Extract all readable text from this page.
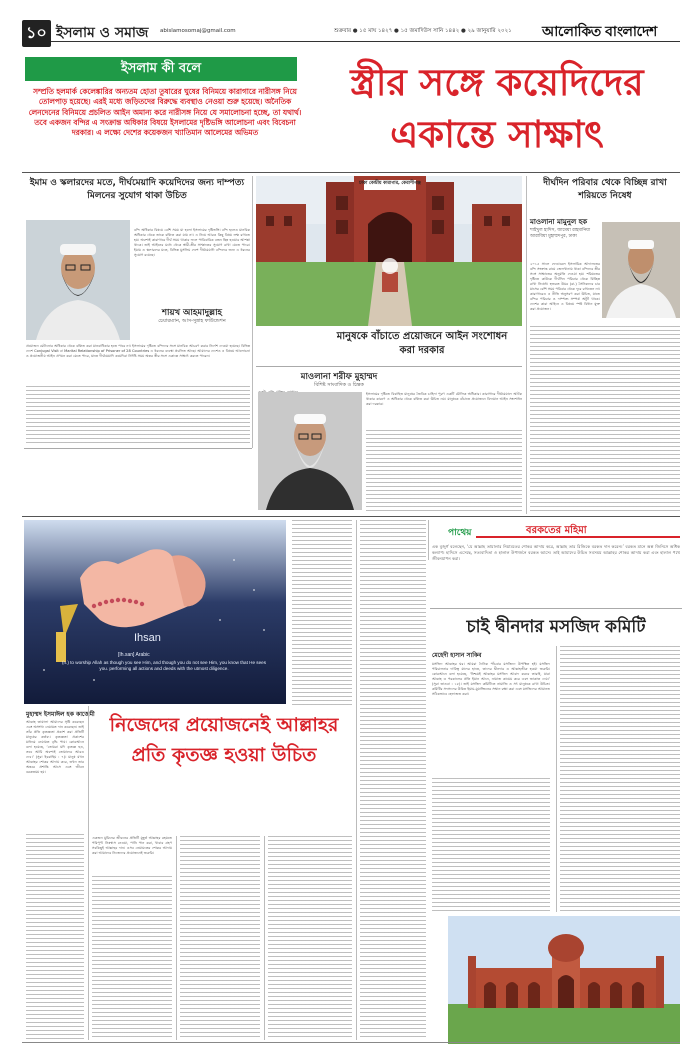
১০ ইসলাম ও সমাজ abislamosomaj@gmail.com	শুক্রবার ● ১৫ মাঘ ১৪২৭ ● ১৫ জমাদিউস সানি ১৪৪২ ● ২৯ জানুয়ারি ২০২১ আলোকিত বাংলাদেশ
ইসলাম কী বলে
সম্প্রতি হলমার্ক কেলেঙ্কারির অন্যতম হোতা তুষারের ঘুষের বিনিময়ে কারাগারে নারীসঙ্গ নিয়ে তোলপাড় হয়েছে। এরই মধ্যে জড়িতদের বিরুদ্ধে ব্যবস্থাও নেওয়া শুরু হয়েছে। অনৈতিক লেনদেনের বিনিময়ে প্রচলিত আইন অমান্য করে নারীসঙ্গ নিয়ে যে সমালোচনা হচ্ছে, তা যথার্থ। তবে একজন বন্দির এ সংক্রান্ত অধিকার বিষয়ে ইসলামের দৃষ্টিভঙ্গি আলোচনা এবং বিবেচনা দরকার। এ লক্ষ্যে দেশের কয়েকজন খ্যাতিমান আলেমের অভিমত
স্ত্রীর সঙ্গে কয়েদিদের একান্তে সাক্ষাৎ
ইমাম ও স্কলারদের মতে, দীর্ঘমেয়াদি কয়েদিদের জন্য দাম্পত্য মিলনের সুযোগ থাকা উচিত
শায়খ আহমাদুল্লাহ
চেয়ারম্যান, আস-সুন্নাহ ফাউন্ডেশন
বন্দি অধিকার বিষয়ে বেশি সময় যা হলো ইসলামের দৃষ্টিভঙ্গি। বন্দি হলেও মানবিক অধিকার থেকে তাকে বঞ্চিত করা যায় না। এ নিয়ে আরও কিছু বিষয় লক্ষ রাখতে হয়। অবশ্যই কারাগারে দীর্ঘ সময় থাকার ফলে পারিবারিক বন্ধন ছিন্ন হওয়ার আশঙ্কা থাকে। তাই আইনের মধ্যে থেকে স্বামী-স্ত্রীর সাক্ষাতের সুযোগ রাখা যেতে পারে। ইমাম ও স্কলারদের মতে, বিভিন্ন মুসলিম দেশে দীর্ঘমেয়াদি বন্দিদের জন্য এ ধরনের সুযোগ রয়েছে।
প্রয়োজন মেটানোর অধিকার থেকে বঞ্চিত করা মানবাধিকার হতে পারে না। ইসলামের দৃষ্টিতে বন্দিদের সঙ্গে মানবিক আচরণ করার নির্দেশ দেওয়া হয়েছে। বিভিন্ন দেশে Conjugal Visit বা Marital Relationship of Prisoner of 28 Countries এ ধরনের ব্যবস্থা প্রচলিত আছে। আমাদের দেশেও এ বিষয়ে আলোচনা ও প্রয়োজনীয় আইন প্রণয়ন করা যেতে পারে, যাতে দীর্ঘমেয়াদি কয়েদিরা নির্দিষ্ট সময় অন্তর স্ত্রীর সঙ্গে একান্তে সাক্ষাৎ করতে পারেন।
ঢাকা কেন্দ্রীয় কারাগার, কেরাণীগঞ্জ
মানুষকে বাঁচাতে প্রয়োজনে আইন সংশোধন করা দরকার
মাওলানা শরীফ মুহাম্মদ
বিশিষ্ট সাংবাদিক ও চিন্তক
ইসলামের দৃষ্টিতে বিবাহিত মানুষের জৈবিক চাহিদা পূরণ একটি মৌলিক অধিকার। কারাগারে দীর্ঘমেয়াদে আটক থাকার কারণে এ অধিকার থেকে বঞ্চিত করা উচিত নয়। মানুষকে বাঁচাতে প্রয়োজনে বিদ্যমান আইন সংশোধন করা দরকার।
দীর্ঘদিন পরিবার থেকে বিচ্ছিন্ন রাখা শরিয়তে নিষেধ
মাওলানা মামুনুল হক
শাইখুল হাদিস, জামেয়া রাহমানিয়া আরাবিয়া মুহাম্মদপুর, ঢাকা
২০১৫ সালে ফেডারেল ইসলামিক আদালতের বন্দি সংক্রান্ত রায়ে জেলখানায় থাকা বন্দিদের স্ত্রীর সঙ্গে সাক্ষাতের অনুমতি দেওয়া হয়। শরিয়তের দৃষ্টিতে কাউকে দীর্ঘদিন পরিবার থেকে বিচ্ছিন্ন রাখা নিষেধ। হজরত উমর (রা.) সৈনিকদের চার মাসের বেশি সময় পরিবার থেকে দূরে রাখতেন না। কারাগারেও এ নীতি অনুসরণ করা উচিত, যাতে বন্দির পরিবার ও দাম্পত্য সম্পর্ক অটুট থাকে। দেশের কারা আইনে এ বিষয়ে স্পষ্ট বিধান যুক্ত করা প্রয়োজন।
Ihsan
[Ih.san] Arabic
(n.) to worship Allah as though you see Him, and though you do not see Him, you know that He sees you. performing all actions and deeds with the utmost diligence.
মুহাম্মদ ইসমাঈল হক কাজেমী
আল্লাহ তায়ালা আমাদের সৃষ্টি করেছেন এবং অসংখ্য নেয়ামত দান করেছেন। তাই তাঁর প্রতি কৃতজ্ঞতা প্রকাশ করা প্রতিটি মানুষের কর্তব্য। কৃতজ্ঞতা প্রকাশের মাধ্যমে নেয়ামত বৃদ্ধি পায়। কোরআনে বলা হয়েছে, ‘তোমরা যদি কৃতজ্ঞ হও, তবে আমি অবশ্যই তোমাদের আরও দেব।’ (সুরা ইবরাহিম : ৭)। মানুষ যখন আল্লাহর শোকর আদায় করে, তখন তার অন্তরে প্রশান্তি আসে এবং জীবন বরকতময় হয়।
নিজেদের প্রয়োজনেই আল্লাহর প্রতি কৃতজ্ঞ হওয়া উচিত
একজন মুমিনের জীবনের প্রতিটি মুহূর্ত আল্লাহর রহমতে পরিপূর্ণ। নিঃশ্বাস নেওয়া, পানি পান করা, খাবার গ্রহণ সবকিছুই আল্লাহর দান। এসব নেয়ামতের শোকর আদায় করা আমাদের নিজেদের প্রয়োজনেই জরুরি।
পাথেয়	বরকতের মহিমা
এক বুজুর্গ বলেছেন, ‘যে আল্লাহ তায়ালার নিয়ামতের শোকর আদায় করে, আল্লাহ তার রিজিকে বরকত দান করেন।’ বরকত মানে অল্প জিনিসে অধিক কল্যাণ। হাদিসে এসেছে, সত্যবাদিতা ও হালাল উপার্জনে বরকত আসে। তাই আমাদের উচিত সবসময় আল্লাহর শোকর আদায় করা এবং হালাল পথে জীবনযাপন করা।
চাই দ্বীনদার মসজিদ কমিটি
মেহেদী হাসান সাকিব
মসজিদ আল্লাহর ঘর। আমরা দৈনিক পাঁচবার মসজিদে উপস্থিত হই। মসজিদ পরিচালনার দায়িত্ব যাদের হাতে, তাদের দ্বীনদার ও আল্লাহভীরু হওয়া জরুরি। কোরআনে বলা হয়েছে, ‘নিশ্চয়ই আল্লাহর মসজিদ আবাদ করবে তারাই, যারা আল্লাহ ও পরকালের প্রতি ইমান আনে, নামাজ কায়েম করে এবং জাকাত দেয়।’ (সুরা তাওবা : ১৮)। তাই মসজিদ কমিটিতে নামাজি ও সৎ মানুষকে রাখা উচিত। কমিটির সদস্যদের উচিত ইমাম-মুয়াজ্জিনের সম্মান রক্ষা করা এবং মসজিদের আমানত সঠিকভাবে হেফাজত করা।
